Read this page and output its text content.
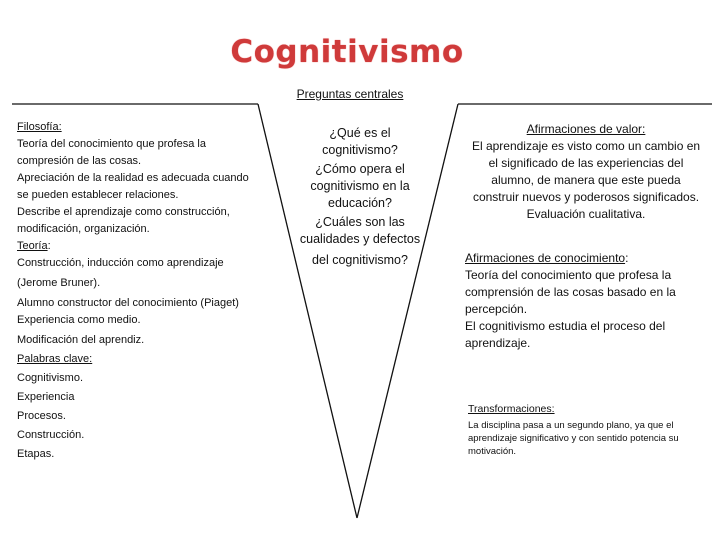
Cognitivismo
Preguntas centrales

Filosofía:

Teoría del conocimiento que profesa la compresión de las cosas.

Apreciación de la realidad es adecuada cuando se pueden establecer relaciones.

Describe el aprendizaje como construcción, modificación, organización.

Teoría:

Construcción, inducción como aprendizaje

(Jerome Bruner).

Alumno constructor del conocimiento (Piaget)

Experiencia como medio.

Modificación del aprendiz.

Palabras clave:

Cognitivismo.

Experiencia

Procesos.

Construcción.

Etapas.

¿Qué es el cognitivismo?

¿Cómo opera el cognitivismo en la educación?

¿Cuáles son las cualidades y defectos

del cognitivismo?

Afirmaciones de valor:

El aprendizaje es visto como un cambio en el significado de las experiencias del alumno, de manera que este pueda construir nuevos y poderosos significados.

Evaluación cualitativa.

Afirmaciones de conocimiento:

Teoría del conocimiento que profesa la comprensión de las cosas basado en la percepción.

El cognitivismo estudia el proceso del aprendizaje.

Transformaciones:

La disciplina pasa a un segundo plano, ya que el aprendizaje significativo y con sentido potencia su motivación.
